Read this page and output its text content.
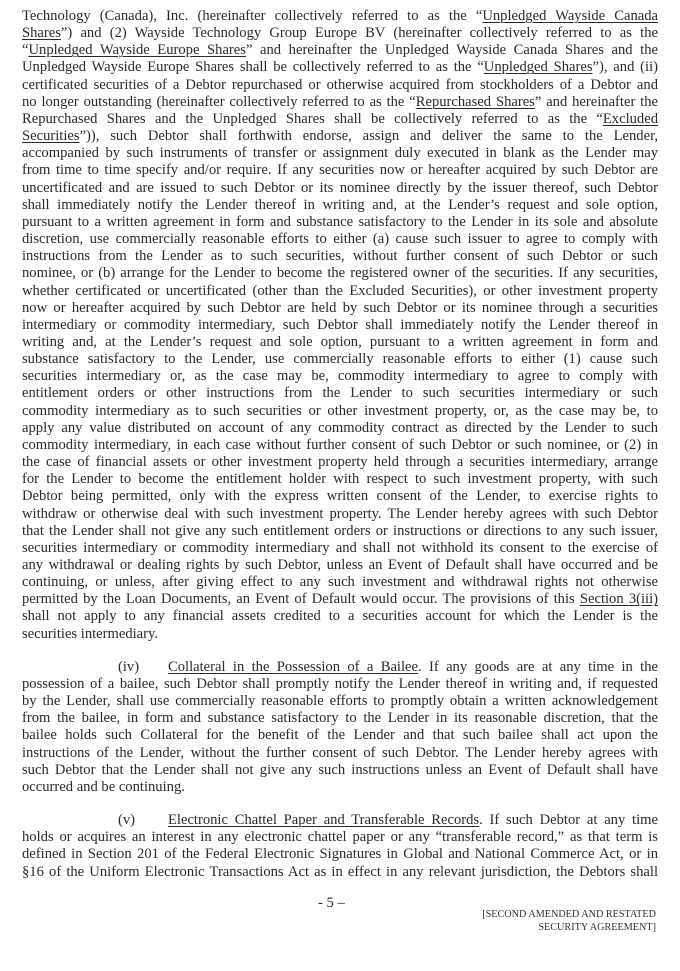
Technology (Canada), Inc. (hereinafter collectively referred to as the “Unpledged Wayside Canada
Shares”) and (2) Wayside Technology Group Europe BV (hereinafter collectively referred to as the
“Unpledged Wayside Europe Shares” and hereinafter the Unpledged Wayside Canada Shares and the
Unpledged Wayside Europe Shares shall be collectively referred to as the “Unpledged Shares”), and (ii)
certificated securities of a Debtor repurchased or otherwise acquired from stockholders of a Debtor and
no longer outstanding (hereinafter collectively referred to as the “Repurchased Shares” and hereinafter the
Repurchased Shares and the Unpledged Shares shall be collectively referred to as the “Excluded
Securities”)), such Debtor shall forthwith endorse, assign and deliver the same to the Lender,
accompanied by such instruments of transfer or assignment duly executed in blank as the Lender may
from time to time specify and/or require. If any securities now or hereafter acquired by such Debtor are
uncertificated and are issued to such Debtor or its nominee directly by the issuer thereof, such Debtor
shall immediately notify the Lender thereof in writing and, at the Lender’s request and sole option,
pursuant to a written agreement in form and substance satisfactory to the Lender in its sole and absolute
discretion, use commercially reasonable efforts to either (a) cause such issuer to agree to comply with
instructions from the Lender as to such securities, without further consent of such Debtor or such
nominee, or (b) arrange for the Lender to become the registered owner of the securities. If any securities,
whether certificated or uncertificated (other than the Excluded Securities), or other investment property
now or hereafter acquired by such Debtor are held by such Debtor or its nominee through a securities
intermediary or commodity intermediary, such Debtor shall immediately notify the Lender thereof in
writing and, at the Lender’s request and sole option, pursuant to a written agreement in form and
substance satisfactory to the Lender, use commercially reasonable efforts to either (1) cause such
securities intermediary or, as the case may be, commodity intermediary to agree to comply with
entitlement orders or other instructions from the Lender to such securities intermediary or such
commodity intermediary as to such securities or other investment property, or, as the case may be, to
apply any value distributed on account of any commodity contract as directed by the Lender to such
commodity intermediary, in each case without further consent of such Debtor or such nominee, or (2) in
the case of financial assets or other investment property held through a securities intermediary, arrange
for the Lender to become the entitlement holder with respect to such investment property, with such
Debtor being permitted, only with the express written consent of the Lender, to exercise rights to
withdraw or otherwise deal with such investment property. The Lender hereby agrees with such Debtor
that the Lender shall not give any such entitlement orders or instructions or directions to any such issuer,
securities intermediary or commodity intermediary and shall not withhold its consent to the exercise of
any withdrawal or dealing rights by such Debtor, unless an Event of Default shall have occurred and be
continuing, or unless, after giving effect to any such investment and withdrawal rights not otherwise
permitted by the Loan Documents, an Event of Default would occur. The provisions of this Section 3(iii)
shall not apply to any financial assets credited to a securities account for which the Lender is the
securities intermediary.
(iv) Collateral in the Possession of a Bailee. If any goods are at any time in the
possession of a bailee, such Debtor shall promptly notify the Lender thereof in writing and, if requested
by the Lender, shall use commercially reasonable efforts to promptly obtain a written acknowledgement
from the bailee, in form and substance satisfactory to the Lender in its reasonable discretion, that the
bailee holds such Collateral for the benefit of the Lender and that such bailee shall act upon the
instructions of the Lender, without the further consent of such Debtor. The Lender hereby agrees with
such Debtor that the Lender shall not give any such instructions unless an Event of Default shall have
occurred and be continuing.
(v) Electronic Chattel Paper and Transferable Records. If such Debtor at any time
holds or acquires an interest in any electronic chattel paper or any “transferable record,” as that term is
defined in Section 201 of the Federal Electronic Signatures in Global and National Commerce Act, or in
§16 of the Uniform Electronic Transactions Act as in effect in any relevant jurisdiction, the Debtors shall
- 5 –
[SECOND AMENDED AND RESTATED
SECURITY AGREEMENT]
